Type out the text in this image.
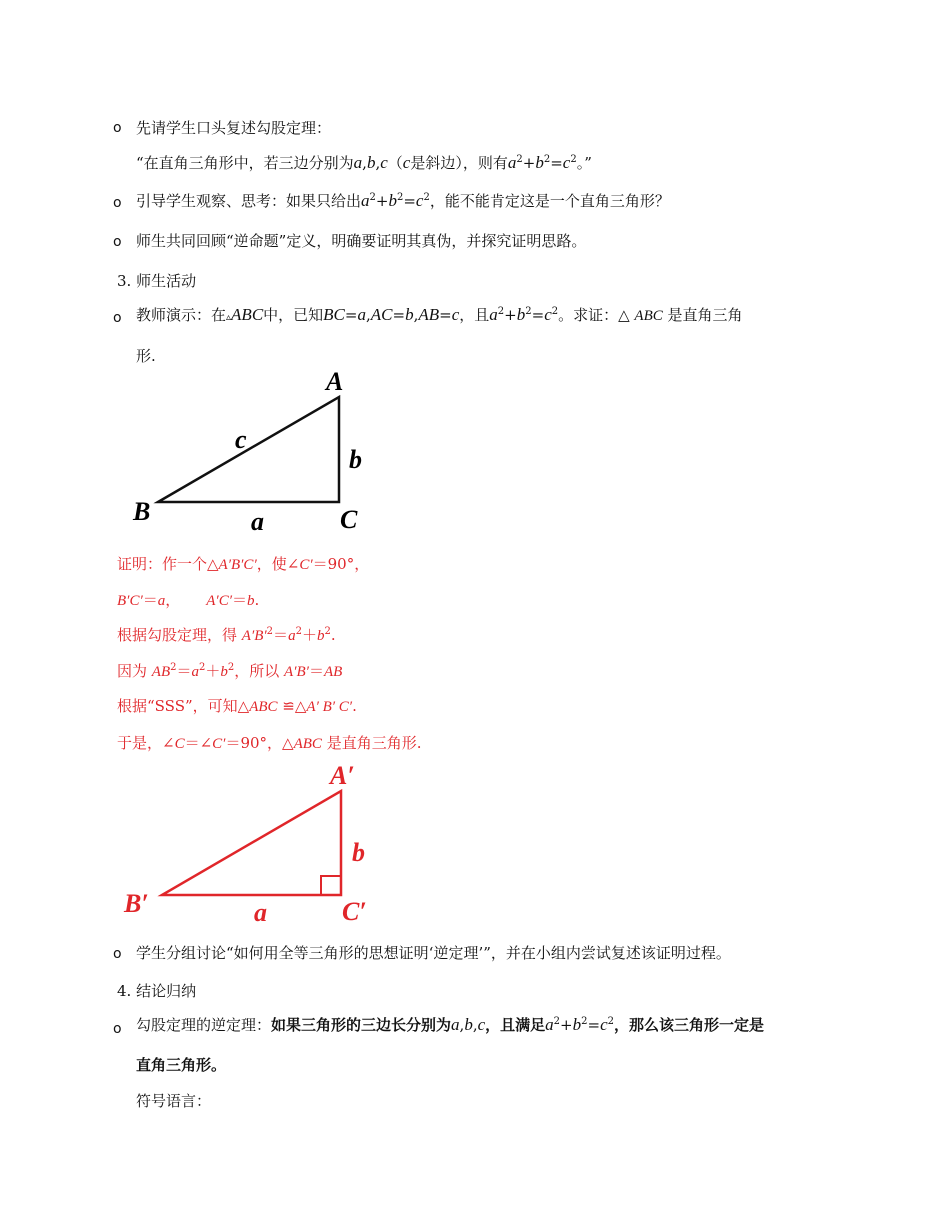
o 先请学生口头复述勾股定理：
“在直角三角形中，若三边分别为a,b,c（c是斜边），则有$a^2+b^2=c^2$。”
o 引导学生观察、思考：如果只给出$a^2+b^2=c^2$，能不能肯定这是一个直角三角形？
o 师生共同回顾“逆命题”定义，明确要证明其真伪，并探究证明思路。
3. 师生活动
o 教师演示：在▵ABC中，已知BC=a,AC=b,AB=c，且$a^2+b^2=c^2$。求证：△ ABC 是直角三角
形.
A
B	C
a
b
c
证明：作一个△A′B′C′，使∠C′＝90°，
B′C′＝a， A′C′＝b.
根据勾股定理，得 $A'B'^2=a^2+b^2$.
因为 $AB^2=a^2+b^2$，所以 A′B′＝AB
根据“SSS”，可知△ABC ≌△A′ B′ C′.
于是，∠C＝∠C′＝90°，△ABC 是直角三角形.
A′
B′	C′
a
b
o 学生分组讨论“如何用全等三角形的思想证明‘逆定理’”，并在小组内尝试复述该证明过程。
4. 结论归纳
o 勾股定理的逆定理：如果三角形的三边长分别为a,b,c，且满足$a^2+b^2=c^2$，那么该三角形一定是
直角三角形。
符号语言：
